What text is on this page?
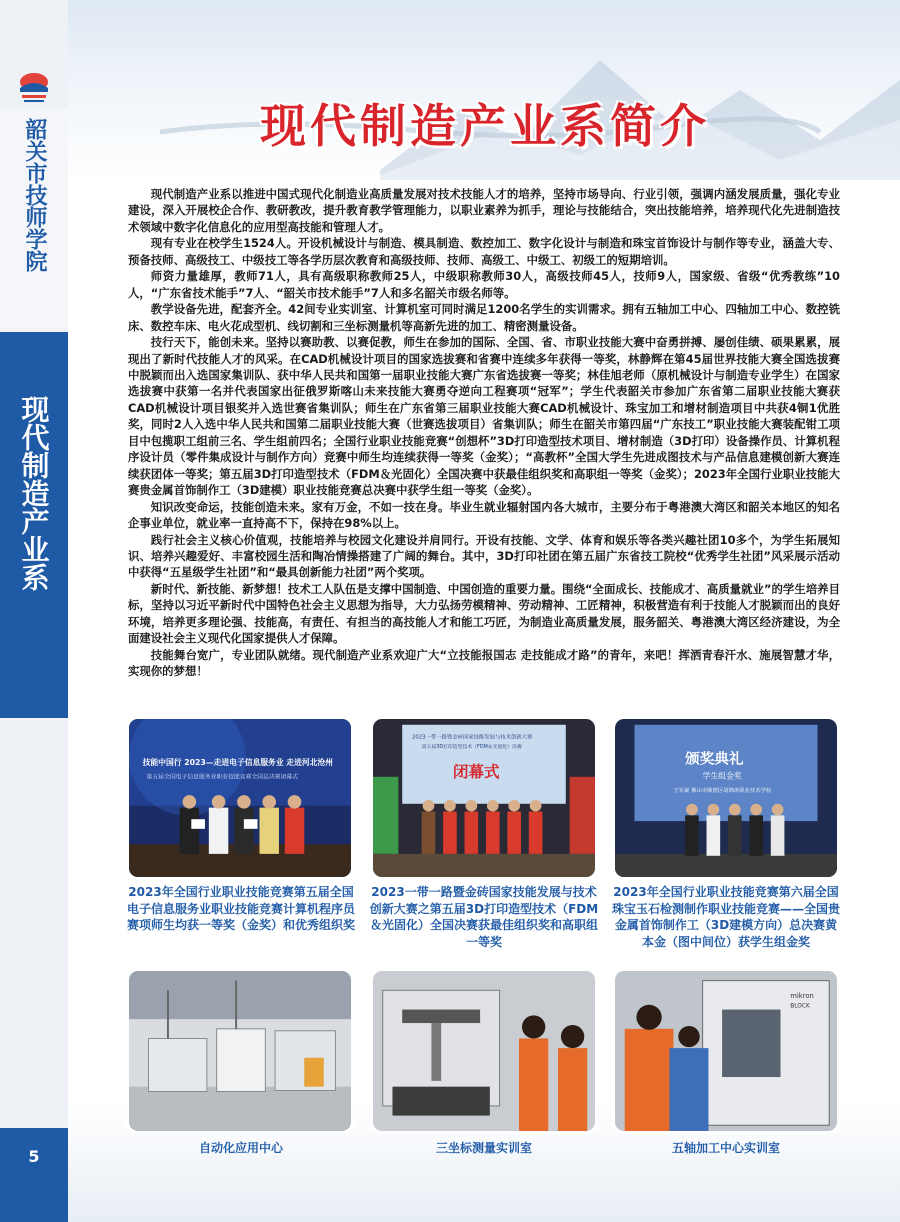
韶关市技师学院
现代制造产业系
5
现代制造产业系简介

现代制造产业系以推进中国式现代化制造业高质量发展对技术技能人才的培养，坚持市场导向、行业引领，强调内涵发展质量，强化专业建设，深入开展校企合作、教研教改，提升教育教学管理能力，以职业素养为抓手，理论与技能结合，突出技能培养，培养现代化先进制造技术领域中数字化信息化的应用型高技能和管理人才。

现有专业在校学生1524人。开设机械设计与制造、模具制造、数控加工、数字化设计与制造和珠宝首饰设计与制作等专业，涵盖大专、预备技师、高级技工、中级技工等各学历层次教育和高级技师、技师、高级工、中级工、初级工的短期培训。

师资力量雄厚，教师71人，具有高级职称教师25人，中级职称教师30人，高级技师45人，技师9人，国家级、省级“优秀教练”10人，“广东省技术能手”7人、“韶关市技术能手”7人和多名韶关市级名师等。

教学设备先进，配套齐全。42间专业实训室、计算机室可同时满足1200名学生的实训需求。拥有五轴加工中心、四轴加工中心、数控铣床、数控车床、电火花成型机、线切割和三坐标测量机等高新先进的加工、精密测量设备。

技行天下，能创未来。坚持以赛助教、以赛促教，师生在参加的国际、全国、省、市职业技能大赛中奋勇拼搏、屡创佳绩、硕果累累，展现出了新时代技能人才的风采。在CAD机械设计项目的国家选拔赛和省赛中连续多年获得一等奖，林静辉在第45届世界技能大赛全国选拔赛中脱颖而出入选国家集训队、获中华人民共和国第一届职业技能大赛广东省选拔赛一等奖；林佳旭老师（原机械设计与制造专业学生）在国家选拔赛中获第一名并代表国家出征俄罗斯喀山未来技能大赛勇夺逆向工程赛项“冠军”；学生代表韶关市参加广东省第二届职业技能大赛获CAD机械设计项目银奖并入选世赛省集训队；师生在广东省第三届职业技能大赛CAD机械设计、珠宝加工和增材制造项目中共获4铜1优胜奖，同时2人入选中华人民共和国第二届职业技能大赛（世赛选拔项目）省集训队；师生在韶关市第四届“广东技工”职业技能大赛装配钳工项目中包揽职工组前三名、学生组前四名；全国行业职业技能竞赛“创想杯”3D打印造型技术项目、增材制造（3D打印）设备操作员、计算机程序设计员（零件集成设计与制作方向）竞赛中师生均连续获得一等奖（金奖）；“高教杯”全国大学生先进成图技术与产品信息建模创新大赛连续获团体一等奖；第五届3D打印造型技术（FDM＆光固化）全国决赛中获最佳组织奖和高职组一等奖（金奖）；2023年全国行业职业技能大赛贵金属首饰制作工（3D建模）职业技能竞赛总决赛中获学生组一等奖（金奖）。

知识改变命运，技能创造未来。家有万金，不如一技在身。毕业生就业辐射国内各大城市，主要分布于粤港澳大湾区和韶关本地区的知名企事业单位，就业率一直持高不下，保持在98%以上。

践行社会主义核心价值观，技能培养与校园文化建设并肩同行。开设有技能、文学、体育和娱乐等各类兴趣社团10多个，为学生拓展知识、培养兴趣爱好、丰富校园生活和陶冶情操搭建了广阔的舞台。其中，3D打印社团在第五届广东省技工院校“优秀学生社团”风采展示活动中获得“五星级学生社团”和“最具创新能力社团”两个奖项。

新时代、新技能、新梦想！技术工人队伍是支撑中国制造、中国创造的重要力量。围绕“全面成长、技能成才、高质量就业”的学生培养目标，坚持以习近平新时代中国特色社会主义思想为指导，大力弘扬劳模精神、劳动精神、工匠精神，积极营造有利于技能人才脱颖而出的良好环境，培养更多理论强、技能高，有责任、有担当的高技能人才和能工巧匠，为制造业高质量发展，服务韶关、粤港澳大湾区经济建设，为全面建设社会主义现代化国家提供人才保障。

技能舞台宽广，专业团队就绪。现代制造产业系欢迎广大“立技能报国志 走技能成才路”的青年，来吧！挥洒青春汗水、施展智慧才华，实现你的梦想！

技能中国行 2023—走进电子信息服务业 走进河北沧州
第五届全国电子信息服务业职业技能竞赛全国总决赛闭幕式
2023年全国行业职业技能竞赛第五届全国电子信息服务业职业技能竞赛计算机程序员赛项师生均获一等奖（金奖）和优秀组织奖
2023一带一路暨金砖国家技能发展与技术创新大赛
第五届3D打印造型技术（FDM＆光固化）决赛
闭幕式
2023一带一路暨金砖国家技能发展与技术创新大赛之第五届3D打印造型技术（FDM＆光固化）全国决赛获最佳组织奖和高职组一等奖
颁奖典礼
学生组金奖
王军豪 佛山市顺德区胡锦涛职业技术学校
2023年全国行业职业技能竞赛第六届全国珠宝玉石检测制作职业技能竞赛——全国贵金属首饰制作工（3D建模方向）总决赛黄本金（图中间位）获学生组金奖
自动化应用中心	三坐标测量实训室
mikron
BLOCK
五轴加工中心实训室
